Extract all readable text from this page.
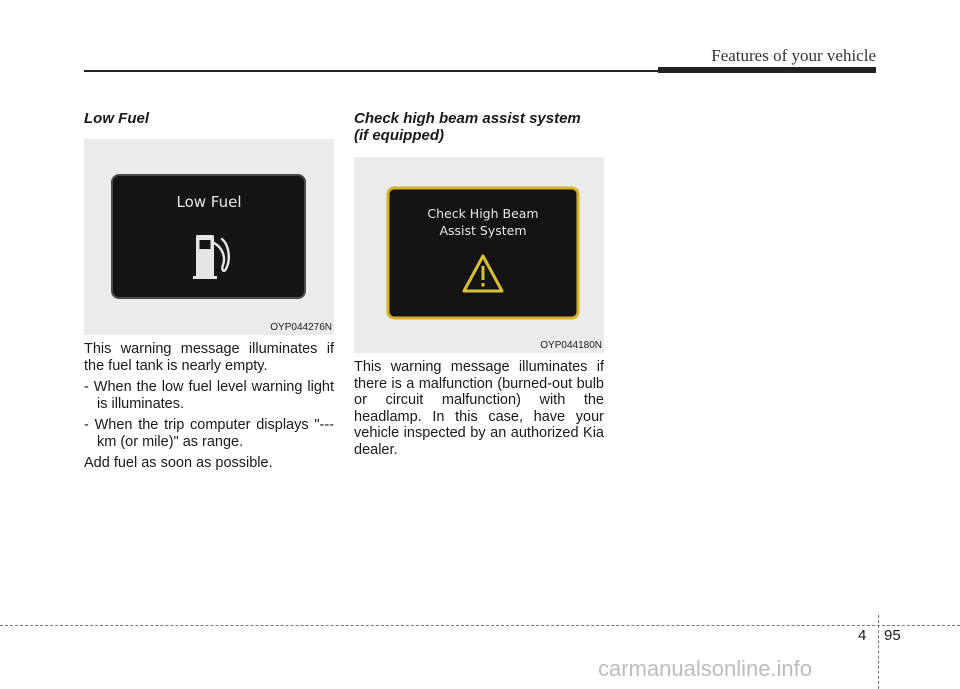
Features of your vehicle
Low Fuel
Low Fuel
OYP044276N

This warning message illuminates if the fuel tank is nearly empty.

- When the low fuel level warning light is illuminates.
- When the trip computer displays "--- km (or mile)" as range.

Add fuel as soon as possible.

Check high beam assist system
(if equipped)
Check High Beam
Assist System
OYP044180N

This warning message illuminates if there is a malfunction (burned-out bulb or circuit malfunction) with the headlamp. In this case, have your vehicle inspected by an authorized Kia dealer.

4 95
carmanualsonline.info
